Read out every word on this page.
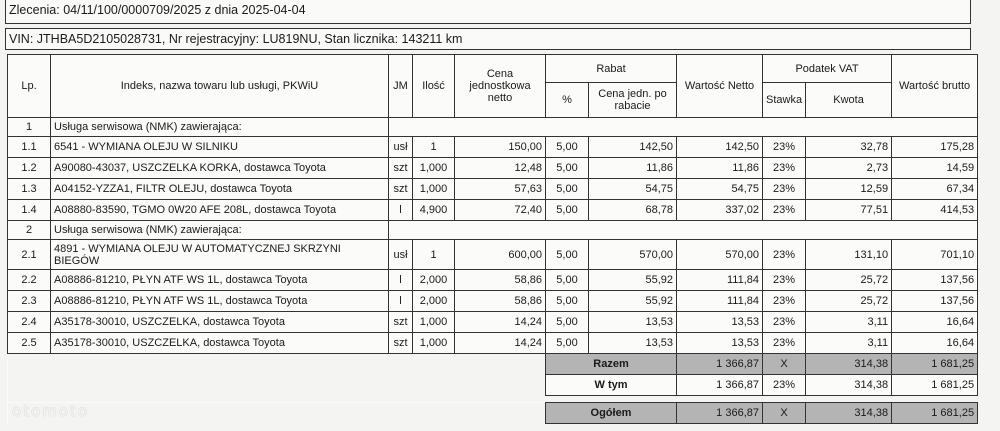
Zlecenia: 04/11/100/0000709/2025 z dnia 2025-04-04
VIN: JTHBA5D2105028731, Nr rejestracyjny: LU819NU, Stan licznika: 143211 km
Lp.	Indeks, nazwa towaru lub usługi, PKWiU	JM	Ilość	Cena jednostkowa netto	Rabat		Wartość Netto	Podatek VAT		Wartość brutto
					%	Cena jedn. po rabacie		Stawka	Kwota	
1	Usługa serwisowa (NMK) zawierająca:									
1.1	6541 - WYMIANA OLEJU W SILNIKU	usł	1	150,00	5,00	142,50	142,50	23%	32,78	175,28
1.2	A90080-43037, USZCZELKA KORKA, dostawca Toyota	szt	1,000	12,48	5,00	11,86	11,86	23%	2,73	14,59
1.3	A04152-YZZA1, FILTR OLEJU, dostawca Toyota	szt	1,000	57,63	5,00	54,75	54,75	23%	12,59	67,34
1.4	A08880-83590, TGMO 0W20 AFE 208L, dostawca Toyota	l	4,900	72,40	5,00	68,78	337,02	23%	77,51	414,53
2	Usługa serwisowa (NMK) zawierająca:									
2.1	4891 - WYMIANA OLEJU W AUTOMATYCZNEJ SKRZYNI BIEGÓW	usł	1	600,00	5,00	570,00	570,00	23%	131,10	701,10
2.2	A08886-81210, PŁYN ATF WS 1L, dostawca Toyota	l	2,000	58,86	5,00	55,92	111,84	23%	25,72	137,56
2.3	A08886-81210, PŁYN ATF WS 1L, dostawca Toyota	l	2,000	58,86	5,00	55,92	111,84	23%	25,72	137,56
2.4	A35178-30010, USZCZELKA, dostawca Toyota	szt	1,000	14,24	5,00	13,53	13,53	23%	3,11	16,64
2.5	A35178-30010, USZCZELKA, dostawca Toyota	szt	1,000	14,24	5,00	13,53	13,53	23%	3,11	16,64
					Razem		1 366,87	X	314,38	1 681,25
					W tym		1 366,87	23%	314,38	1 681,25

					Ogółem		1 366,87	X	314,38	1 681,25
otomoto
